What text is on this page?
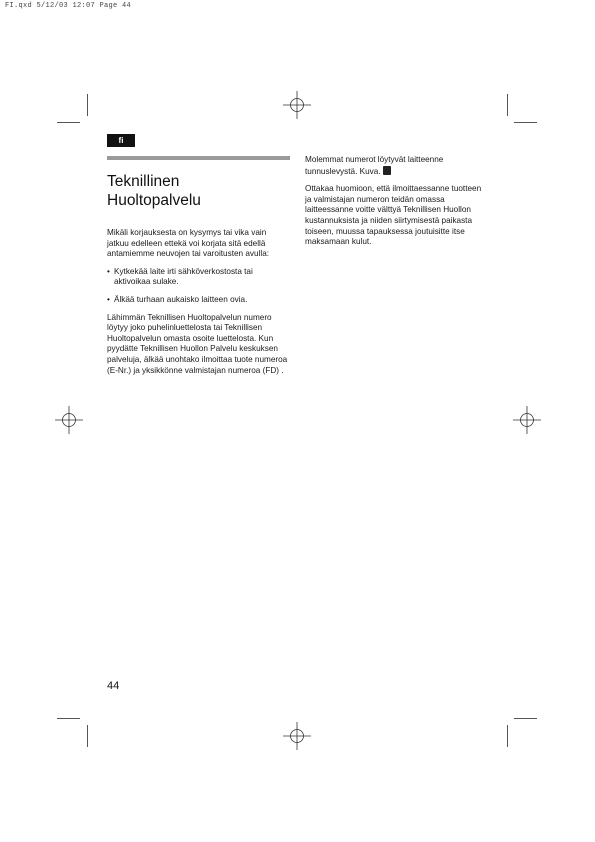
FI.qxd 5/12/03 12:07 Page 44
fi
Teknillinen
Huoltopalvelu

Mikäli korjauksesta on kysymys tai vika vain jatkuu edelleen ettekä voi korjata sitä edellä antamiemme neuvojen tai varoitusten avulla:

• Kytkekää laite irti sähköverkostosta tai aktivoikaa sulake.
• Älkää turhaan aukaisko laitteen ovia.

Lähimmän Teknillisen Huoltopalvelun numero löytyy joko puhelinluettelosta tai Teknillisen Huoltopalvelun omasta osoite luettelosta. Kun pyydätte Teknillisen Huollon Palvelu keskuksen palveluja, älkää unohtako ilmoittaa tuote numeroa (E-Nr.) ja yksikkönne valmistajan numeroa (FD) .

Molemmat numerot löytyvät laitteenne tunnuslevystä. Kuva.

Ottakaa huomioon, että ilmoittaessanne tuotteen ja valmistajan numeron teidän omassa laitteessanne voitte välttyä Teknillisen Huollon kustannuksista ja niiden siirtymisestä paikasta toiseen, muussa tapauksessa joutuisitte itse maksamaan kulut.

44
